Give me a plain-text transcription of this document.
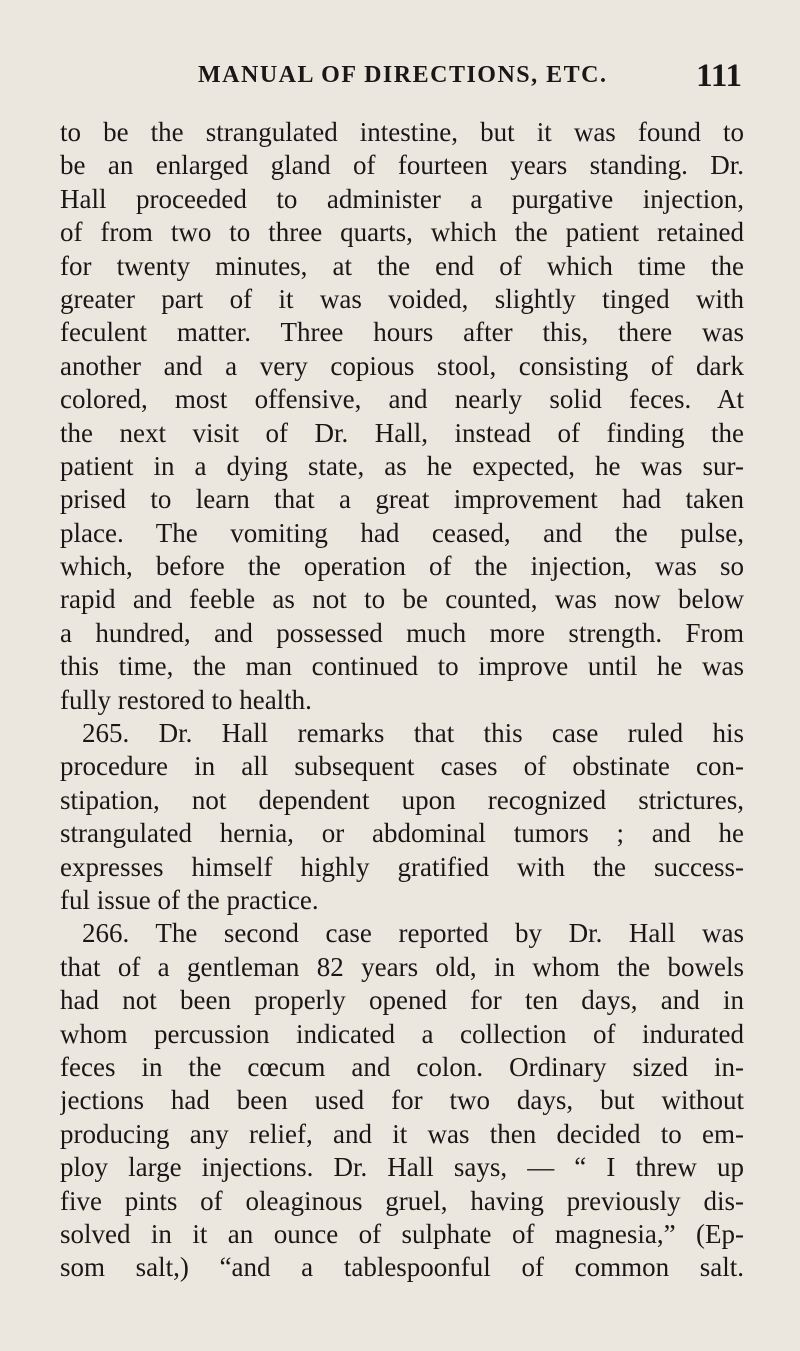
MANUAL OF DIRECTIONS, ETC.	111
to be the strangulated intestine, but it was found to
be an enlarged gland of fourteen years standing. Dr.
Hall proceeded to administer a purgative injection,
of from two to three quarts, which the patient retained
for twenty minutes, at the end of which time the
greater part of it was voided, slightly tinged with
feculent matter. Three hours after this, there was
another and a very copious stool, consisting of dark
colored, most offensive, and nearly solid feces. At
the next visit of Dr. Hall, instead of finding the
patient in a dying state, as he expected, he was sur-
prised to learn that a great improvement had taken
place. The vomiting had ceased, and the pulse,
which, before the operation of the injection, was so
rapid and feeble as not to be counted, was now below
a hundred, and possessed much more strength. From
this time, the man continued to improve until he was
fully restored to health.
265. Dr. Hall remarks that this case ruled his
procedure in all subsequent cases of obstinate con-
stipation, not dependent upon recognized strictures,
strangulated hernia, or abdominal tumors ; and he
expresses himself highly gratified with the success-
ful issue of the practice.
266. The second case reported by Dr. Hall was
that of a gentleman 82 years old, in whom the bowels
had not been properly opened for ten days, and in
whom percussion indicated a collection of indurated
feces in the cœcum and colon. Ordinary sized in-
jections had been used for two days, but without
producing any relief, and it was then decided to em-
ploy large injections. Dr. Hall says, — “ I threw up
five pints of oleaginous gruel, having previously dis-
solved in it an ounce of sulphate of magnesia,” (Ep-
som salt,) “and a tablespoonful of common salt.
